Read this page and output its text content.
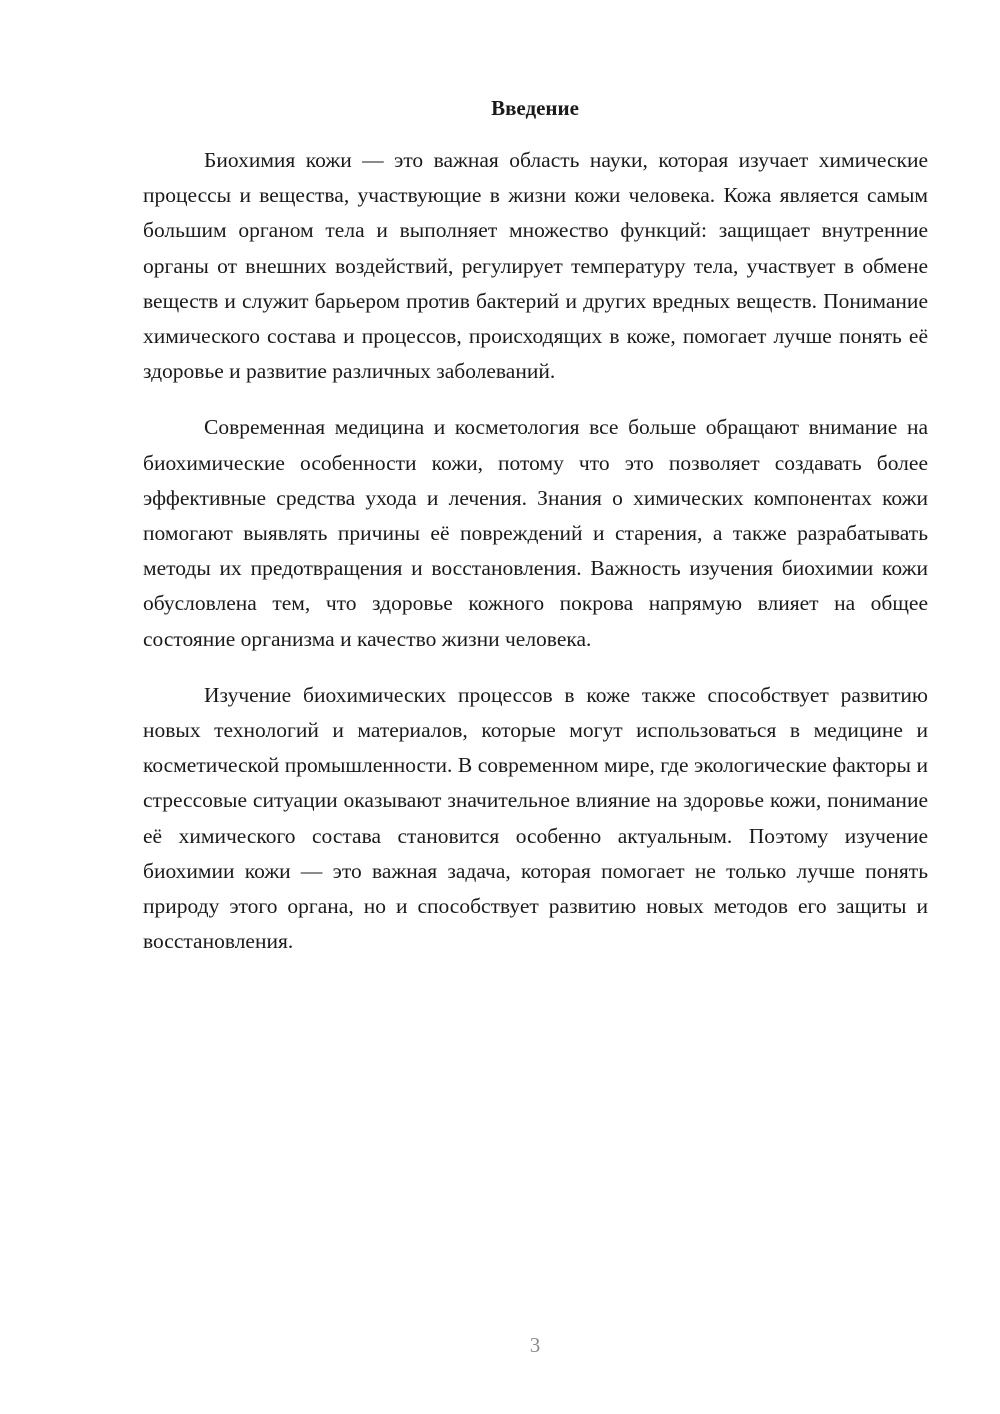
Введение

Биохимия кожи — это важная область науки, которая изучает химические процессы и вещества, участвующие в жизни кожи человека. Кожа является самым большим органом тела и выполняет множество функций: защищает внутренние органы от внешних воздействий, регулирует температуру тела, участвует в обмене веществ и служит барьером против бактерий и других вредных веществ. Понимание химического состава и процессов, происходящих в коже, помогает лучше понять её здоровье и развитие различных заболеваний.

Современная медицина и косметология все больше обращают внимание на биохимические особенности кожи, потому что это позволяет создавать более эффективные средства ухода и лечения. Знания о химических компонентах кожи помогают выявлять причины её повреждений и старения, а также разрабатывать методы их предотвращения и восстановления. Важность изучения биохимии кожи обусловлена тем, что здоровье кожного покрова напрямую влияет на общее состояние организма и качество жизни человека.

Изучение биохимических процессов в коже также способствует развитию новых технологий и материалов, которые могут использоваться в медицине и косметической промышленности. В современном мире, где экологические факторы и стрессовые ситуации оказывают значительное влияние на здоровье кожи, понимание её химического состава становится особенно актуальным. Поэтому изучение биохимии кожи — это важная задача, которая помогает не только лучше понять природу этого органа, но и способствует развитию новых методов его защиты и восстановления.

3
